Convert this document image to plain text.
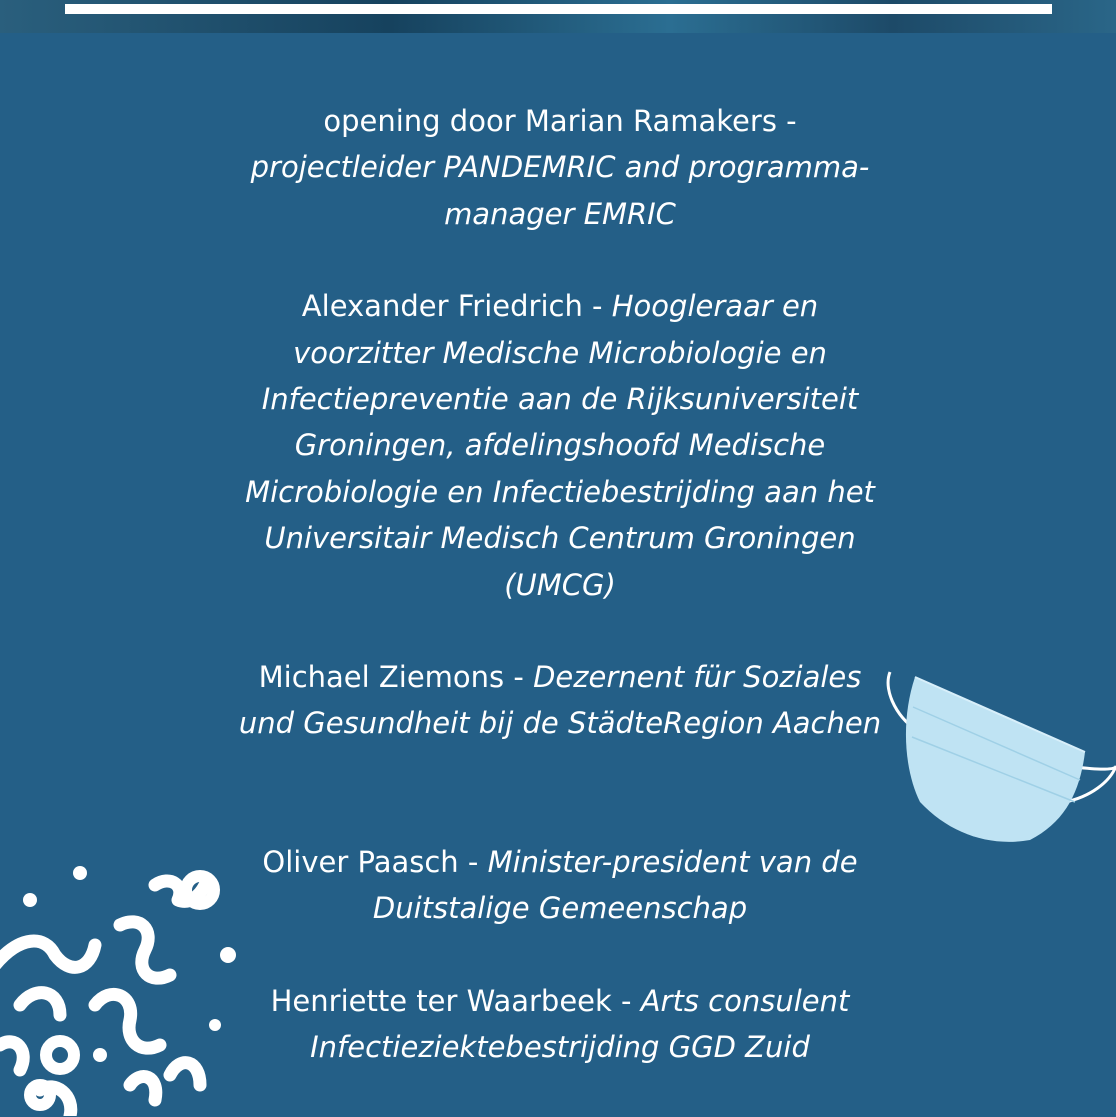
opening door Marian Ramakers - projectleider PANDEMRIC and programma-manager EMRIC
Alexander Friedrich - Hoogleraar en voorzitter Medische Microbiologie en Infectiepreventie aan de Rijksuniversiteit Groningen, afdelingshoofd Medische Microbiologie en Infectiebestrijding aan het Universitair Medisch Centrum Groningen (UMCG)
Michael Ziemons - Dezernent für Soziales und Gesundheit bij de StädteRegion Aachen
Oliver Paasch - Minister-president van de Duitstalige Gemeenschap
Henriette ter Waarbeek - Arts consulent Infectieziektebestrijding GGD Zuid
